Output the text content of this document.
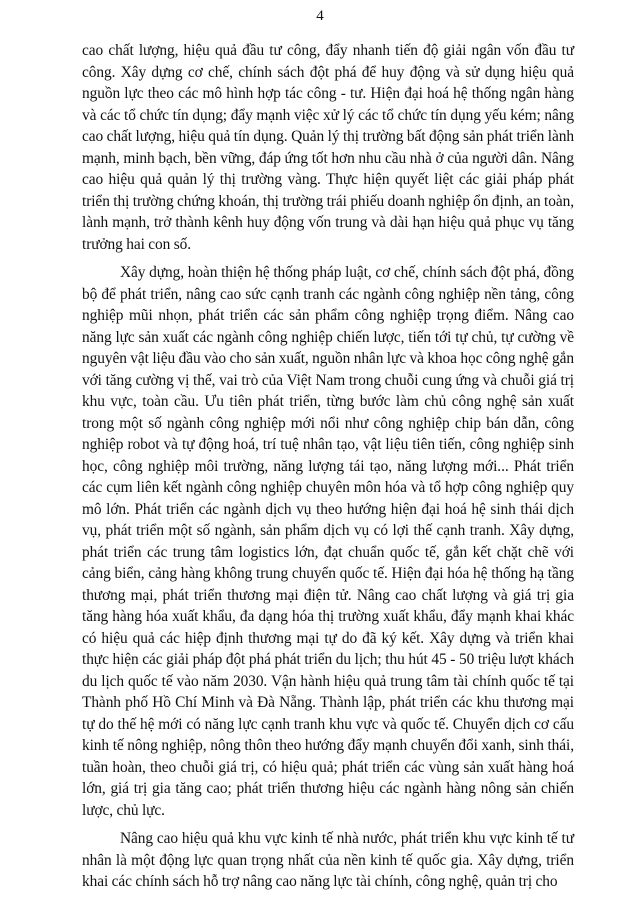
4

cao chất lượng, hiệu quả đầu tư công, đẩy nhanh tiến độ giải ngân vốn đầu tư công. Xây dựng cơ chế, chính sách đột phá để huy động và sử dụng hiệu quả nguồn lực theo các mô hình hợp tác công - tư. Hiện đại hoá hệ thống ngân hàng và các tổ chức tín dụng; đẩy mạnh việc xử lý các tổ chức tín dụng yếu kém; nâng cao chất lượng, hiệu quả tín dụng. Quản lý thị trường bất động sản phát triển lành mạnh, minh bạch, bền vững, đáp ứng tốt hơn nhu cầu nhà ở của người dân. Nâng cao hiệu quả quản lý thị trường vàng. Thực hiện quyết liệt các giải pháp phát triển thị trường chứng khoán, thị trường trái phiếu doanh nghiệp ổn định, an toàn, lành mạnh, trở thành kênh huy động vốn trung và dài hạn hiệu quả phục vụ tăng trưởng hai con số.

Xây dựng, hoàn thiện hệ thống pháp luật, cơ chế, chính sách đột phá, đồng bộ để phát triển, nâng cao sức cạnh tranh các ngành công nghiệp nền tảng, công nghiệp mũi nhọn, phát triển các sản phẩm công nghiệp trọng điểm. Nâng cao năng lực sản xuất các ngành công nghiệp chiến lược, tiến tới tự chủ, tự cường về nguyên vật liệu đầu vào cho sản xuất, nguồn nhân lực và khoa học công nghệ gắn với tăng cường vị thế, vai trò của Việt Nam trong chuỗi cung ứng và chuỗi giá trị khu vực, toàn cầu. Ưu tiên phát triển, từng bước làm chủ công nghệ sản xuất trong một số ngành công nghiệp mới nổi như công nghiệp chip bán dẫn, công nghiệp robot và tự động hoá, trí tuệ nhân tạo, vật liệu tiên tiến, công nghiệp sinh học, công nghiệp môi trường, năng lượng tái tạo, năng lượng mới... Phát triển các cụm liên kết ngành công nghiệp chuyên môn hóa và tổ hợp công nghiệp quy mô lớn. Phát triển các ngành dịch vụ theo hướng hiện đại hoá hệ sinh thái dịch vụ, phát triển một số ngành, sản phẩm dịch vụ có lợi thế cạnh tranh. Xây dựng, phát triển các trung tâm logistics lớn, đạt chuẩn quốc tế, gắn kết chặt chẽ với cảng biển, cảng hàng không trung chuyển quốc tế. Hiện đại hóa hệ thống hạ tầng thương mại, phát triển thương mại điện tử. Nâng cao chất lượng và giá trị gia tăng hàng hóa xuất khẩu, đa dạng hóa thị trường xuất khẩu, đẩy mạnh khai khác có hiệu quả các hiệp định thương mại tự do đã ký kết. Xây dựng và triển khai thực hiện các giải pháp đột phá phát triển du lịch; thu hút 45 - 50 triệu lượt khách du lịch quốc tế vào năm 2030. Vận hành hiệu quả trung tâm tài chính quốc tế tại Thành phố Hồ Chí Minh và Đà Nẵng. Thành lập, phát triển các khu thương mại tự do thế hệ mới có năng lực cạnh tranh khu vực và quốc tế. Chuyển dịch cơ cấu kinh tế nông nghiệp, nông thôn theo hướng đẩy mạnh chuyển đổi xanh, sinh thái, tuần hoàn, theo chuỗi giá trị, có hiệu quả; phát triển các vùng sản xuất hàng hoá lớn, giá trị gia tăng cao; phát triển thương hiệu các ngành hàng nông sản chiến lược, chủ lực.

Nâng cao hiệu quả khu vực kinh tế nhà nước, phát triển khu vực kinh tế tư nhân là một động lực quan trọng nhất của nền kinh tế quốc gia. Xây dựng, triển khai các chính sách hỗ trợ nâng cao năng lực tài chính, công nghệ, quản trị cho
